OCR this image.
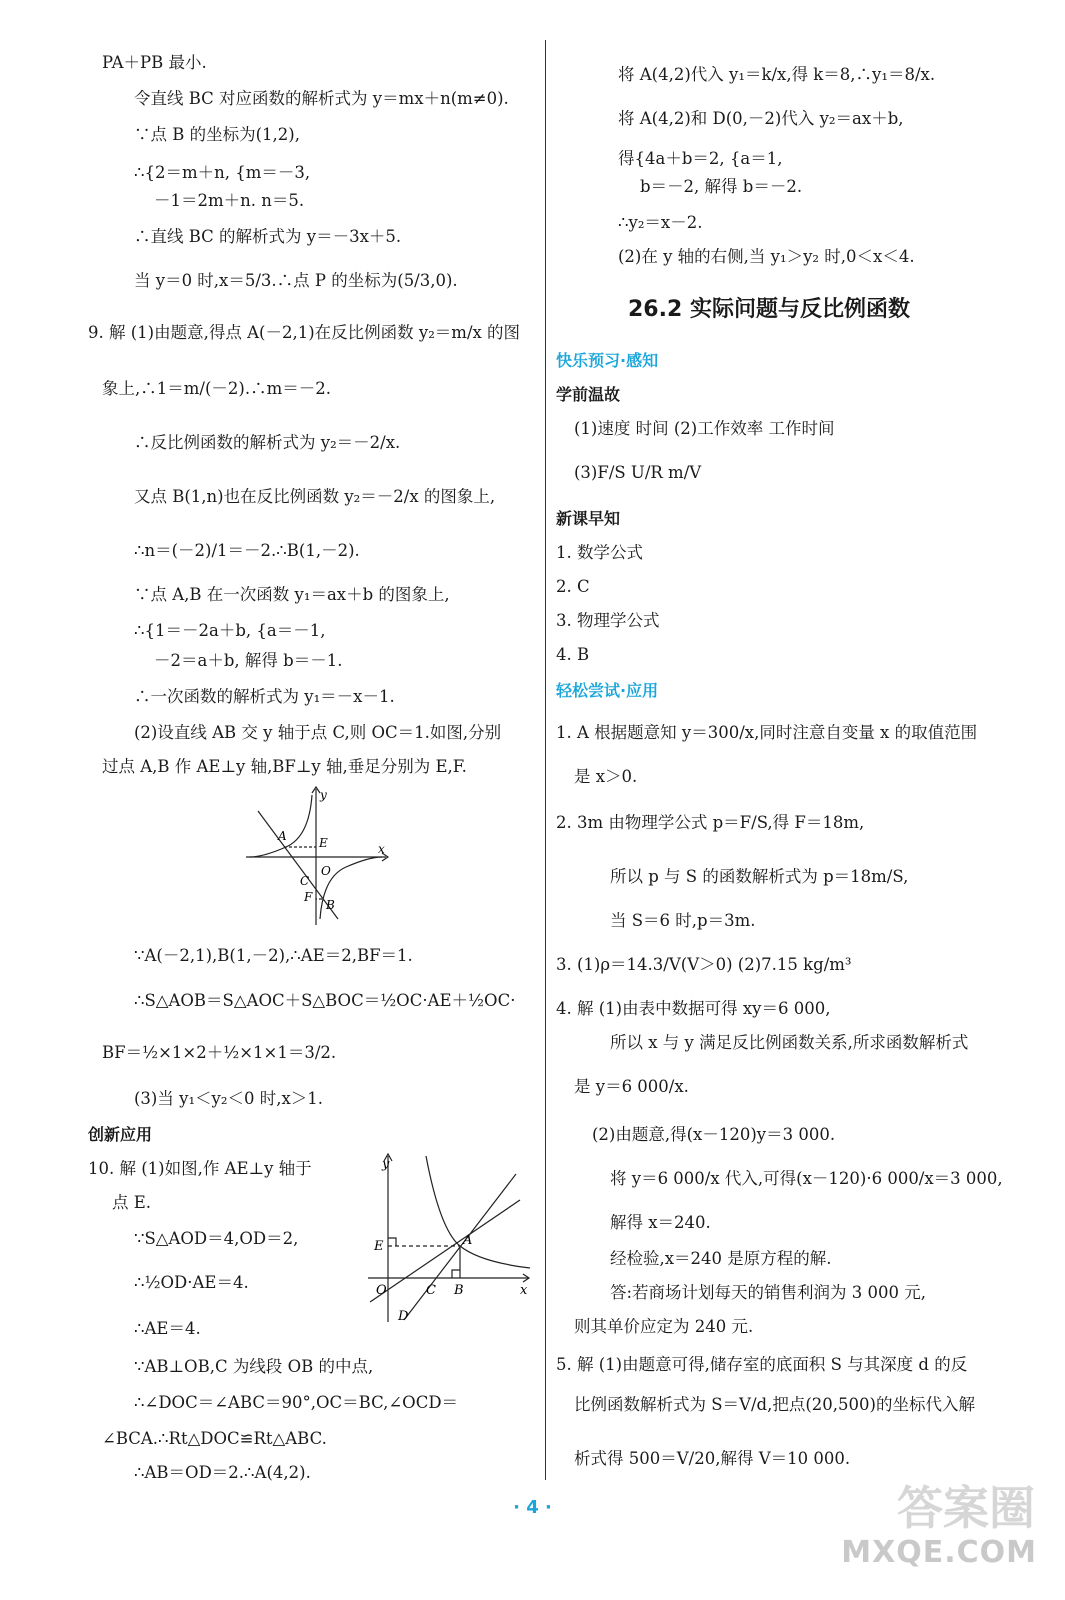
PA＋PB 最小.
令直线 BC 对应函数的解析式为 y＝mx＋n(m≠0).
∵点 B 的坐标为(1,2),
∴{2＝m＋n, {m＝－3,
－1＝2m＋n. n＝5.
∴直线 BC 的解析式为 y＝－3x＋5.
当 y＝0 时,x＝5/3.∴点 P 的坐标为(5/3,0).
9. 解 (1)由题意,得点 A(－2,1)在反比例函数 y₂＝m/x 的图
象上,∴1＝m/(－2).∴m＝－2.
∴反比例函数的解析式为 y₂＝－2/x.
又点 B(1,n)也在反比例函数 y₂＝－2/x 的图象上,
∴n＝(－2)/1＝－2.∴B(1,－2).
∵点 A,B 在一次函数 y₁＝ax＋b 的图象上,
∴{1＝－2a＋b, {a＝－1,
－2＝a＋b, 解得 b＝－1.
∴一次函数的解析式为 y₁＝－x－1.
(2)设直线 AB 交 y 轴于点 C,则 OC＝1.如图,分别
过点 A,B 作 AE⊥y 轴,BF⊥y 轴,垂足分别为 E,F.
∵A(－2,1),B(1,－2),∴AE＝2,BF＝1.
∴S△AOB＝S△AOC＋S△BOC＝½OC·AE＋½OC·
BF＝½×1×2＋½×1×1＝3/2.
(3)当 y₁＜y₂＜0 时,x＞1.
创新应用
10. 解 (1)如图,作 AE⊥y 轴于
点 E.
∵S△AOD＝4,OD＝2,
∴½OD·AE＝4.
∴AE＝4.
∵AB⊥OB,C 为线段 OB 的中点,
∴∠DOC＝∠ABC＝90°,OC＝BC,∠OCD＝
∠BCA.∴Rt△DOC≌Rt△ABC.
∴AB＝OD＝2.∴A(4,2).
将 A(4,2)代入 y₁＝k/x,得 k＝8,∴y₁＝8/x.
将 A(4,2)和 D(0,－2)代入 y₂＝ax＋b,
得{4a＋b＝2, {a＝1,
b＝－2, 解得 b＝－2.
∴y₂＝x－2.
(2)在 y 轴的右侧,当 y₁＞y₂ 时,0＜x＜4.
快乐预习·感知
学前温故
(1)速度 时间 (2)工作效率 工作时间
(3)F/S U/R m/V
新课早知
1. 数学公式
2. C
3. 物理学公式
4. B
轻松尝试·应用
1. A 根据题意知 y＝300/x,同时注意自变量 x 的取值范围
是 x＞0.
2. 3m 由物理学公式 p＝F/S,得 F＝18m,
所以 p 与 S 的函数解析式为 p＝18m/S,
当 S＝6 时,p＝3m.
3. (1)ρ＝14.3/V(V＞0) (2)7.15 kg/m³
4. 解 (1)由表中数据可得 xy＝6 000,
所以 x 与 y 满足反比例函数关系,所求函数解析式
是 y＝6 000/x.
(2)由题意,得(x－120)y＝3 000.
将 y＝6 000/x 代入,可得(x－120)·6 000/x＝3 000,
解得 x＝240.
经检验,x＝240 是原方程的解.
答:若商场计划每天的销售利润为 3 000 元,
则其单价应定为 240 元.
5. 解 (1)由题意可得,储存室的底面积 S 与其深度 d 的反
比例函数解析式为 S＝V/d,把点(20,500)的坐标代入解
析式得 500＝V/20,解得 V＝10 000.
26.2 实际问题与反比例函数
y
x
A	E
C
O
F
B
y
x
E	A
O	C B
D
· 4 ·	答案圈
MXQE.COM
